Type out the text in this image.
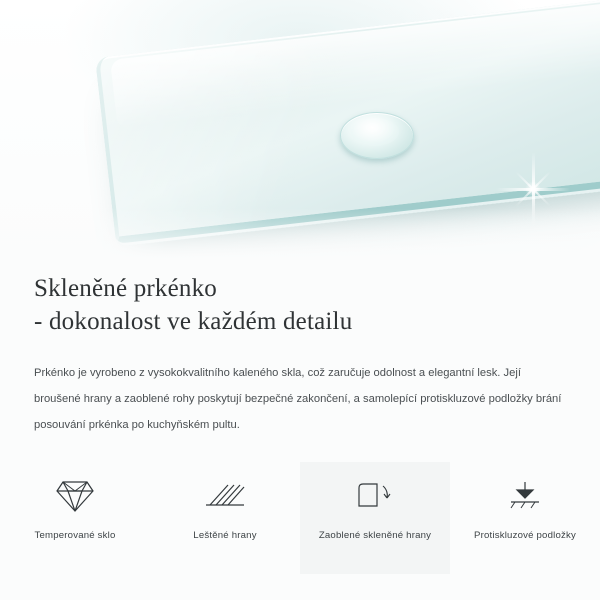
Skleněné prkénko
- dokonalost ve každém detailu

Prkénko je vyrobeno z vysokokvalitního kaleného skla, což zaručuje odolnost a elegantní lesk. Její broušené hrany a zaoblené rohy poskytují bezpečné zakončení, a samolepící protiskluzové podložky brání posouvání prkénka po kuchyňském pultu.

Temperované sklo	Leštěné hrany	Zaoblené skleněné hrany	Protiskluzové podložky
